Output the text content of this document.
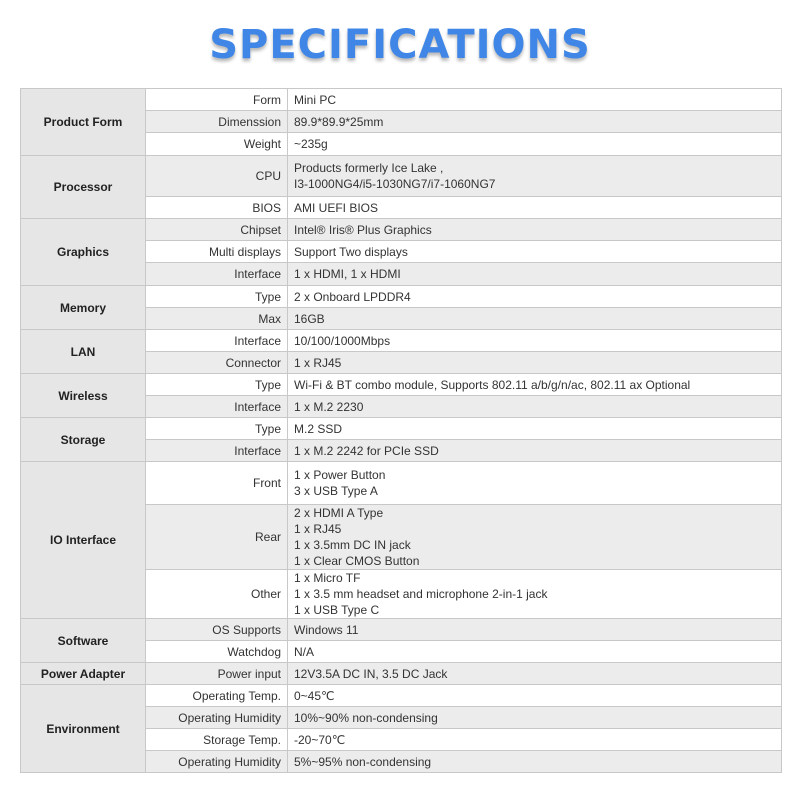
SPECIFICATIONS
Product Form	Form	Mini PC

	Dimenssion	89.9*89.9*25mm

	Weight	~235g

Processor	CPU	Products formerly Ice Lake ,
I3-1000NG4/i5-1030NG7/i7-1060NG7

	BIOS	AMI UEFI BIOS

Graphics	Chipset	Intel® Iris® Plus Graphics

	Multi displays	Support Two displays

	Interface	1 x HDMI, 1 x HDMI

Memory	Type	2 x Onboard LPDDR4

	Max	16GB

LAN	Interface	10/100/1000Mbps

	Connector	1 x RJ45

Wireless	Type	Wi-Fi & BT combo module, Supports 802.11 a/b/g/n/ac, 802.11 ax Optional

	Interface	1 x M.2 2230

Storage	Type	M.2 SSD

	Interface	1 x M.2 2242 for PCIe SSD

IO Interface	Front	1 x Power Button
3 x USB Type A

	Rear	2 x HDMI A Type
1 x RJ45
1 x 3.5mm DC IN jack
1 x Clear CMOS Button

	Other	1 x Micro TF
1 x 3.5 mm headset and microphone 2-in-1 jack
1 x USB Type C

Software	OS Supports	Windows 11

	Watchdog	N/A

Power Adapter	Power input	12V3.5A DC IN, 3.5 DC Jack

Environment	Operating Temp.	0~45℃

	Operating Humidity	10%~90% non-condensing

	Storage Temp.	-20~70℃

	Operating Humidity	5%~95% non-condensing
